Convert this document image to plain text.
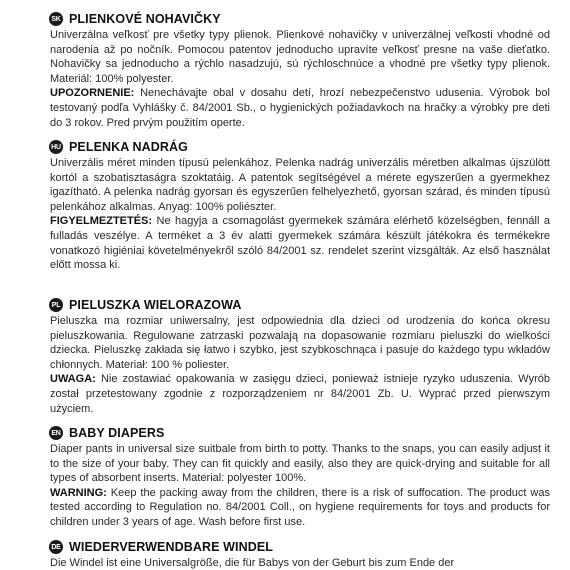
SK PLIENKOVÉ NOHAVIČKY

Univerzálna veľkosť pre všetky typy plienok. Plienkové nohavičky v univerzálnej veľkosti vhodné od narodenia až po nočník. Pomocou patentov jednoducho upravíte veľkosť presne na vaše dieťatko. Nohavičky sa jednoducho a rýchlo nasadzujú, sú rýchloschnúce a vhodné pre všetky typy plienok. Materiál: 100% polyester.

UPOZORNENIE: Nenechávajte obal v dosahu detí, hrozí nebezpečenstvo udusenia. Výrobok bol testovaný podľa Vyhlášky č. 84/2001 Sb., o hygienických požiadavkoch na hračky a výrobky pre deti do 3 rokov. Pred prvým použitím operte.

HU PELENKA NADRÁG

Univerzális méret minden típusú pelenkához. Pelenka nadrág univerzális méretben alkalmas újszülött kortól a szobatisztaságra szoktatáig. A patentok segítségével a mérete egyszerűen a gyermekhez igazítható. A pelenka nadrág gyorsan és egyszerűen felhelyezhető, gyorsan szárad, és minden típusú pelenkához alkalmas. Anyag: 100% poliészter.

FIGYELMEZTETÉS: Ne hagyja a csomagolást gyermekek számára elérhető közelségben, fennáll a fulladás veszélye. A terméket a 3 év alatti gyermekek számára készült játékokra és termékekre vonatkozó higiéniai követelményekről szóló 84/2001 sz. rendelet szerint vizsgálták. Az első használat előtt mossa ki.

PL PIELUSZKA WIELORAZOWA

Pieluszka ma rozmiar uniwersalny, jest odpowiednia dla dzieci od urodzenia do końca okresu pieluszkowania. Regulowane zatrzaski pozwalają na dopasowanie rozmiaru pieluszki do wielkości dziecka. Pieluszkę zakłada się łatwo i szybko, jest szybkoschnąca i pasuje do każdego typu wkładów chłonnych. Materiał: 100 % poliester.

UWAGA: Nie zostawiać opakowania w zasięgu dzieci, ponieważ istnieje ryzyko uduszenia. Wyrób został przetestowany zgodnie z rozporządzeniem nr 84/2001 Zb. U. Wyprać przed pierwszym użyciem.

EN BABY DIAPERS

Diaper pants in universal size suitbale from birth to potty. Thanks to the snaps, you can easily adjust it to the size of your baby. They can fit quickly and easily, also they are quick-drying and suitable for all types of absorbent inserts. Material: polyester 100%.

WARNING: Keep the packing away from the children, there is a risk of suffocation. The product was tested according to Regulation no. 84/2001 Coll., on hygiene requirements for toys and products for children under 3 years of age. Wash before first use.

DE WIEDERVERWENDBARE WINDEL

Die Windel ist eine Universalgröße, die für Babys von der Geburt bis zum Ende der
